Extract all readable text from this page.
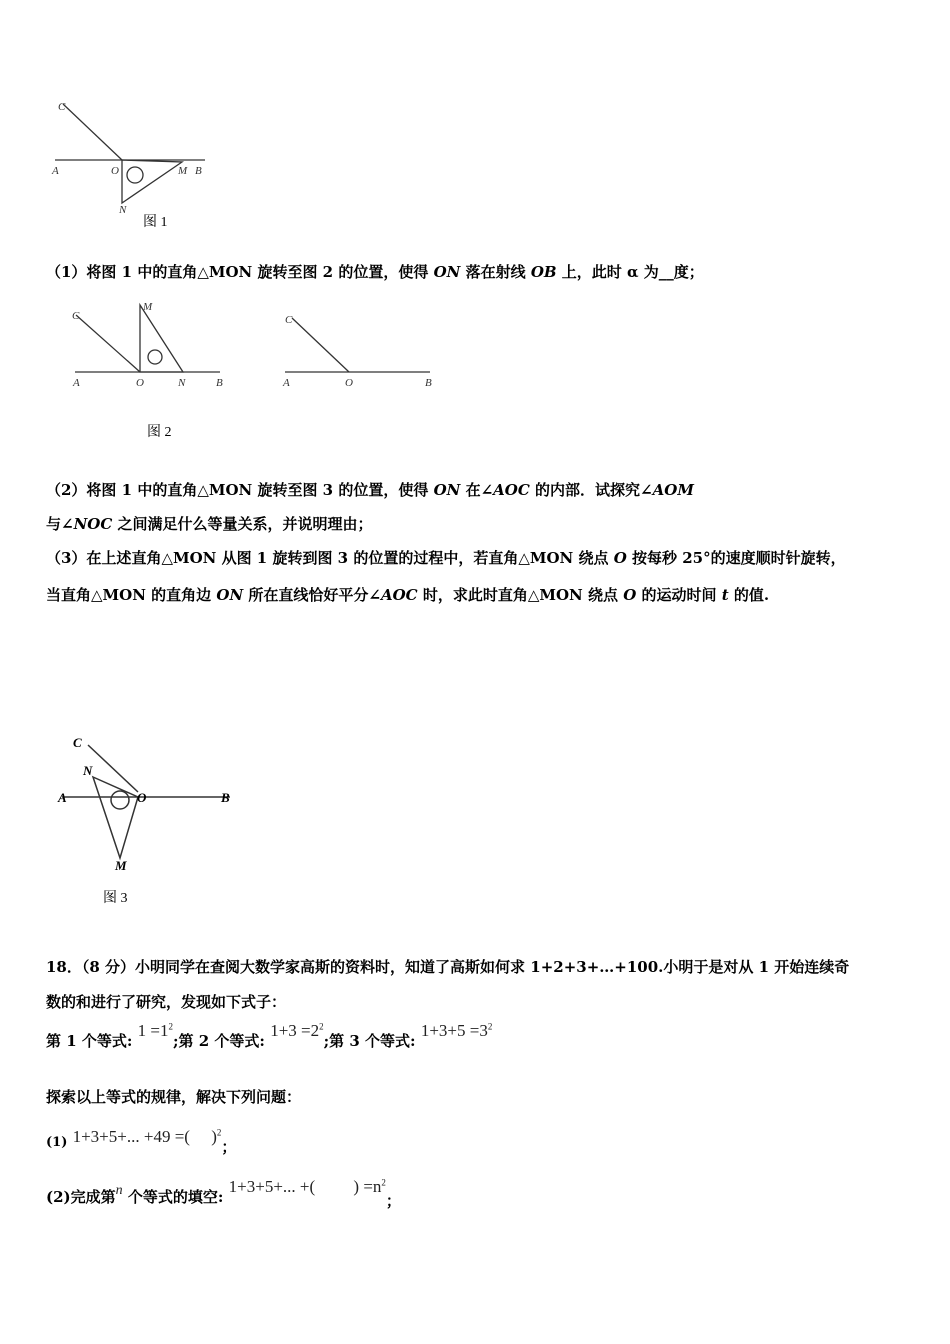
C
A	O	M B
N
图 1
C
M
A	O	N	B
C
A	O	B
图 2
C
N
A	O	B
M
图 3
（1）将图 1 中的直角△MON 旋转至图 2 的位置，使得 ON 落在射线 OB 上，此时 α 为__度；
（2）将图 1 中的直角△MON 旋转至图 3 的位置，使得 ON 在∠AOC 的内部．试探究∠AOM
与∠NOC 之间满足什么等量关系，并说明理由；
（3）在上述直角△MON 从图 1 旋转到图 3 的位置的过程中，若直角△MON 绕点 O 按每秒 25°的速度顺时针旋转，
当直角△MON 的直角边 ON 所在直线恰好平分∠AOC 时，求此时直角△MON 绕点 O 的运动时间 t 的值.
18．（8 分）小明同学在查阅大数学家高斯的资料时，知道了高斯如何求 1+2+3+…+100.小明于是对从 1 开始连续奇
数的和进行了研究，发现如下式子：
第 1 个等式: $1 =1^2$;第 2 个等式: $1+3 =2^2$;第 3 个等式: $1+3+5 =3^2$
探索以上等式的规律，解决下列问题：
(1) 1+3+5+... +49 =(　 )$^2$；
(2)完成第n 个等式的填空: 1+3+5+... +(　　 ) $=n^2$；
